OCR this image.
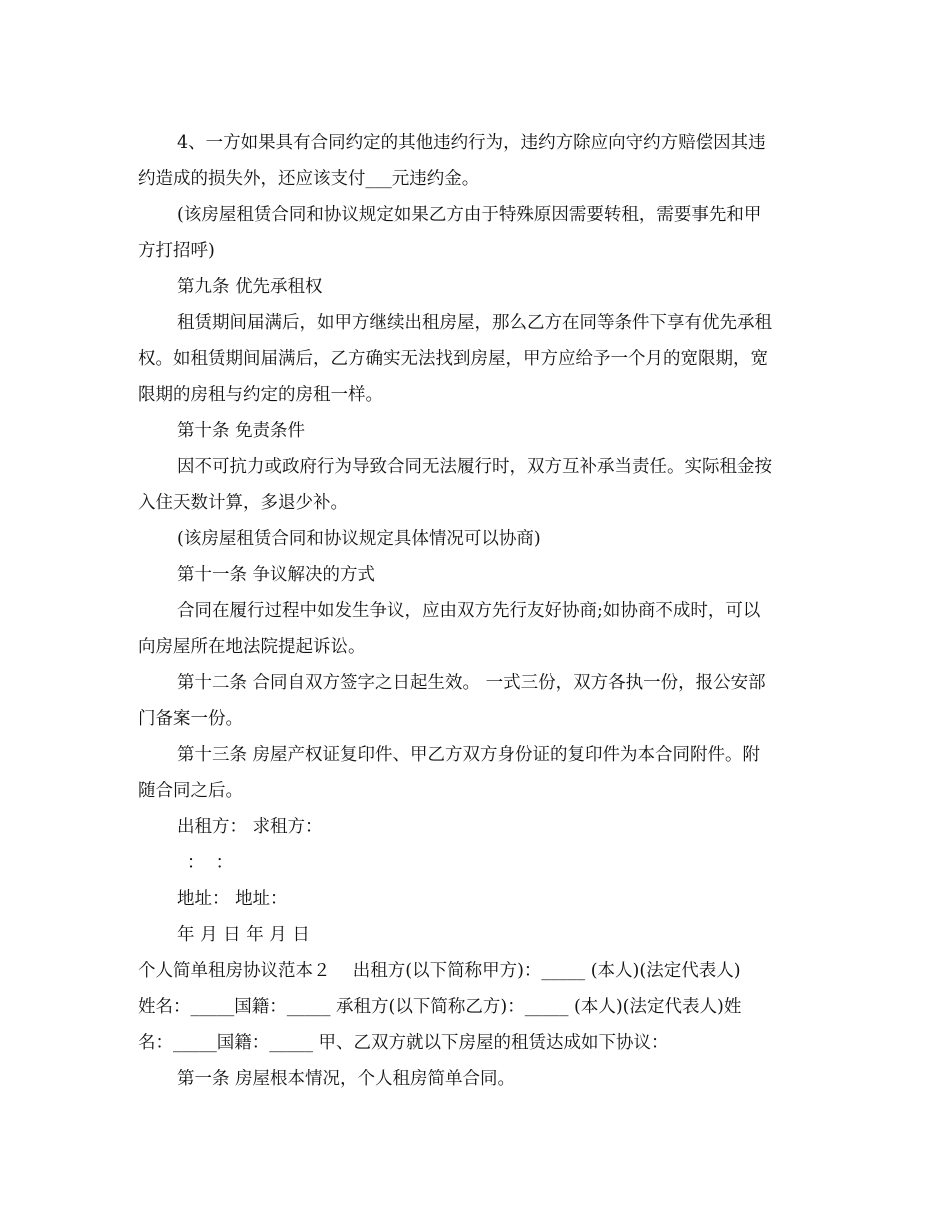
4、一方如果具有合同约定的其他违约行为，违约方除应向守约方赔偿因其违
约造成的损失外，还应该支付___元违约金。
(该房屋租赁合同和协议规定如果乙方由于特殊原因需要转租，需要事先和甲
方打招呼)
第九条 优先承租权
租赁期间届满后，如甲方继续出租房屋，那么乙方在同等条件下享有优先承租
权。如租赁期间届满后，乙方确实无法找到房屋，甲方应给予一个月的宽限期，宽
限期的房租与约定的房租一样。
第十条 免责条件
因不可抗力或政府行为导致合同无法履行时，双方互补承当责任。实际租金按
入住天数计算，多退少补。
(该房屋租赁合同和协议规定具体情况可以协商)
第十一条 争议解决的方式
合同在履行过程中如发生争议，应由双方先行友好协商;如协商不成时，可以
向房屋所在地法院提起诉讼。
第十二条 合同自双方签字之日起生效。 一式三份，双方各执一份，报公安部
门备案一份。
第十三条 房屋产权证复印件、甲乙方双方身份证的复印件为本合同附件。附
随合同之后。
出租方： 求租方：
：  ：
地址： 地址：
年 月 日 年 月 日
个人简单租房协议范本２    出租方(以下简称甲方)：_____ (本人)(法定代表人)
姓名：_____国籍：_____ 承租方(以下简称乙方)：_____ (本人)(法定代表人)姓
名：_____国籍：_____ 甲、乙双方就以下房屋的租赁达成如下协议：
第一条 房屋根本情况，个人租房简单合同。
